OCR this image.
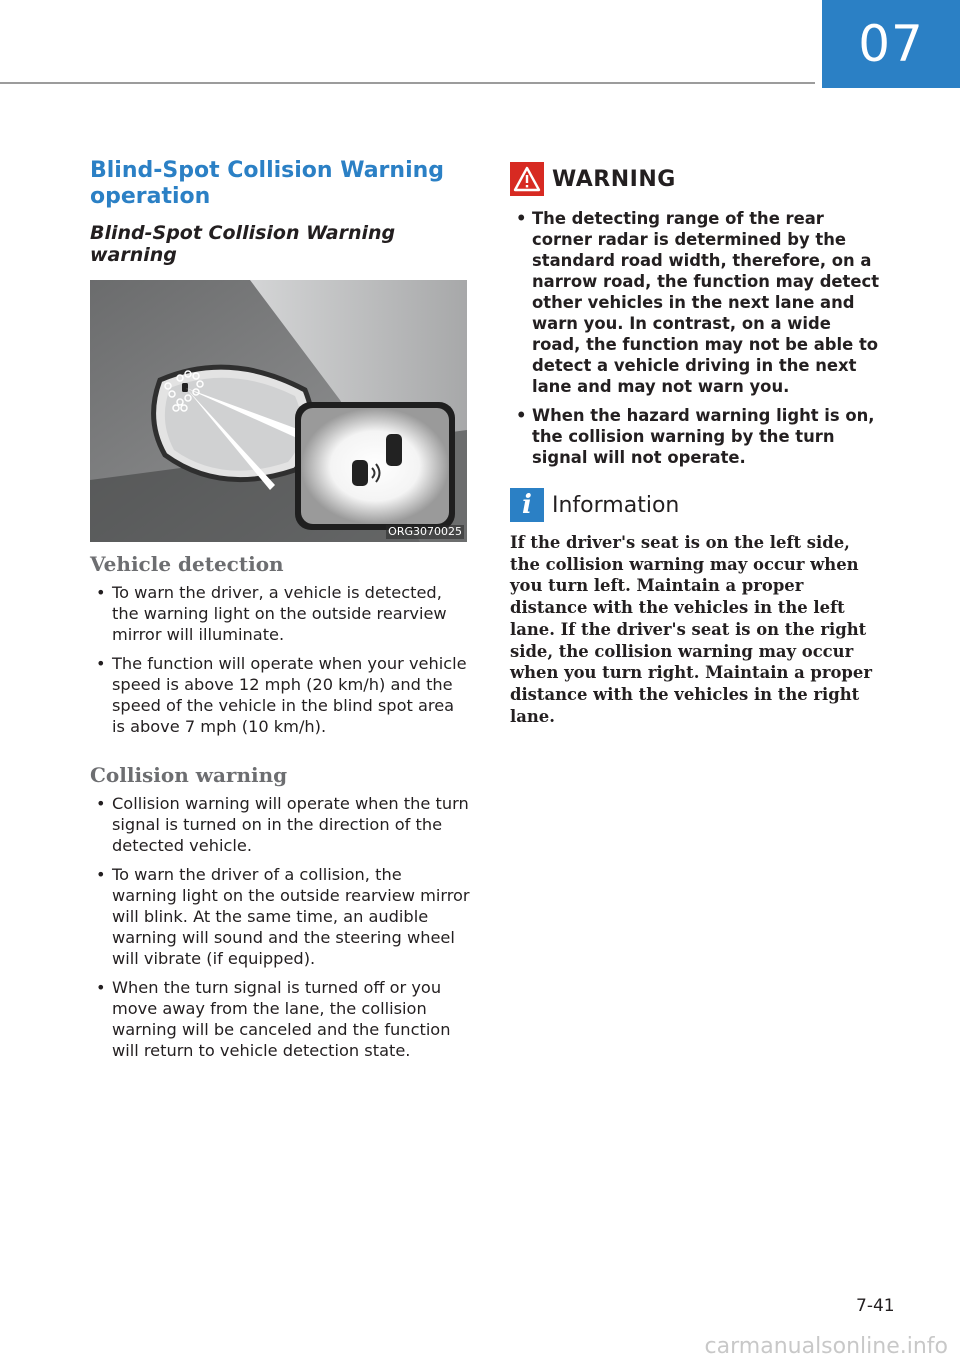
07
Blind-Spot Collision Warning operation
Blind-Spot Collision Warning warning
ORG3070025
Vehicle detection
• To warn the driver, a vehicle is detected, the warning light on the outside rearview mirror will illuminate.
• The function will operate when your vehicle speed is above 12 mph (20 km/h) and the speed of the vehicle in the blind spot area is above 7 mph (10 km/h).
Collision warning
• Collision warning will operate when the turn signal is turned on in the direction of the detected vehicle.
• To warn the driver of a collision, the warning light on the outside rearview mirror will blink. At the same time, an audible warning will sound and the steering wheel will vibrate (if equipped).
• When the turn signal is turned off or you move away from the lane, the collision warning will be canceled and the function will return to vehicle detection state.
WARNING
• The detecting range of the rear corner radar is determined by the standard road width, therefore, on a narrow road, the function may detect other vehicles in the next lane and warn you. In contrast, on a wide road, the function may not be able to detect a vehicle driving in the next lane and may not warn you.
• When the hazard warning light is on, the collision warning by the turn signal will not operate.
i Information

If the driver's seat is on the left side, the collision warning may occur when you turn left. Maintain a proper distance with the vehicles in the left lane. If the driver's seat is on the right side, the collision warning may occur when you turn right. Maintain a proper distance with the vehicles in the right lane.

7-41
carmanualsonline.info
